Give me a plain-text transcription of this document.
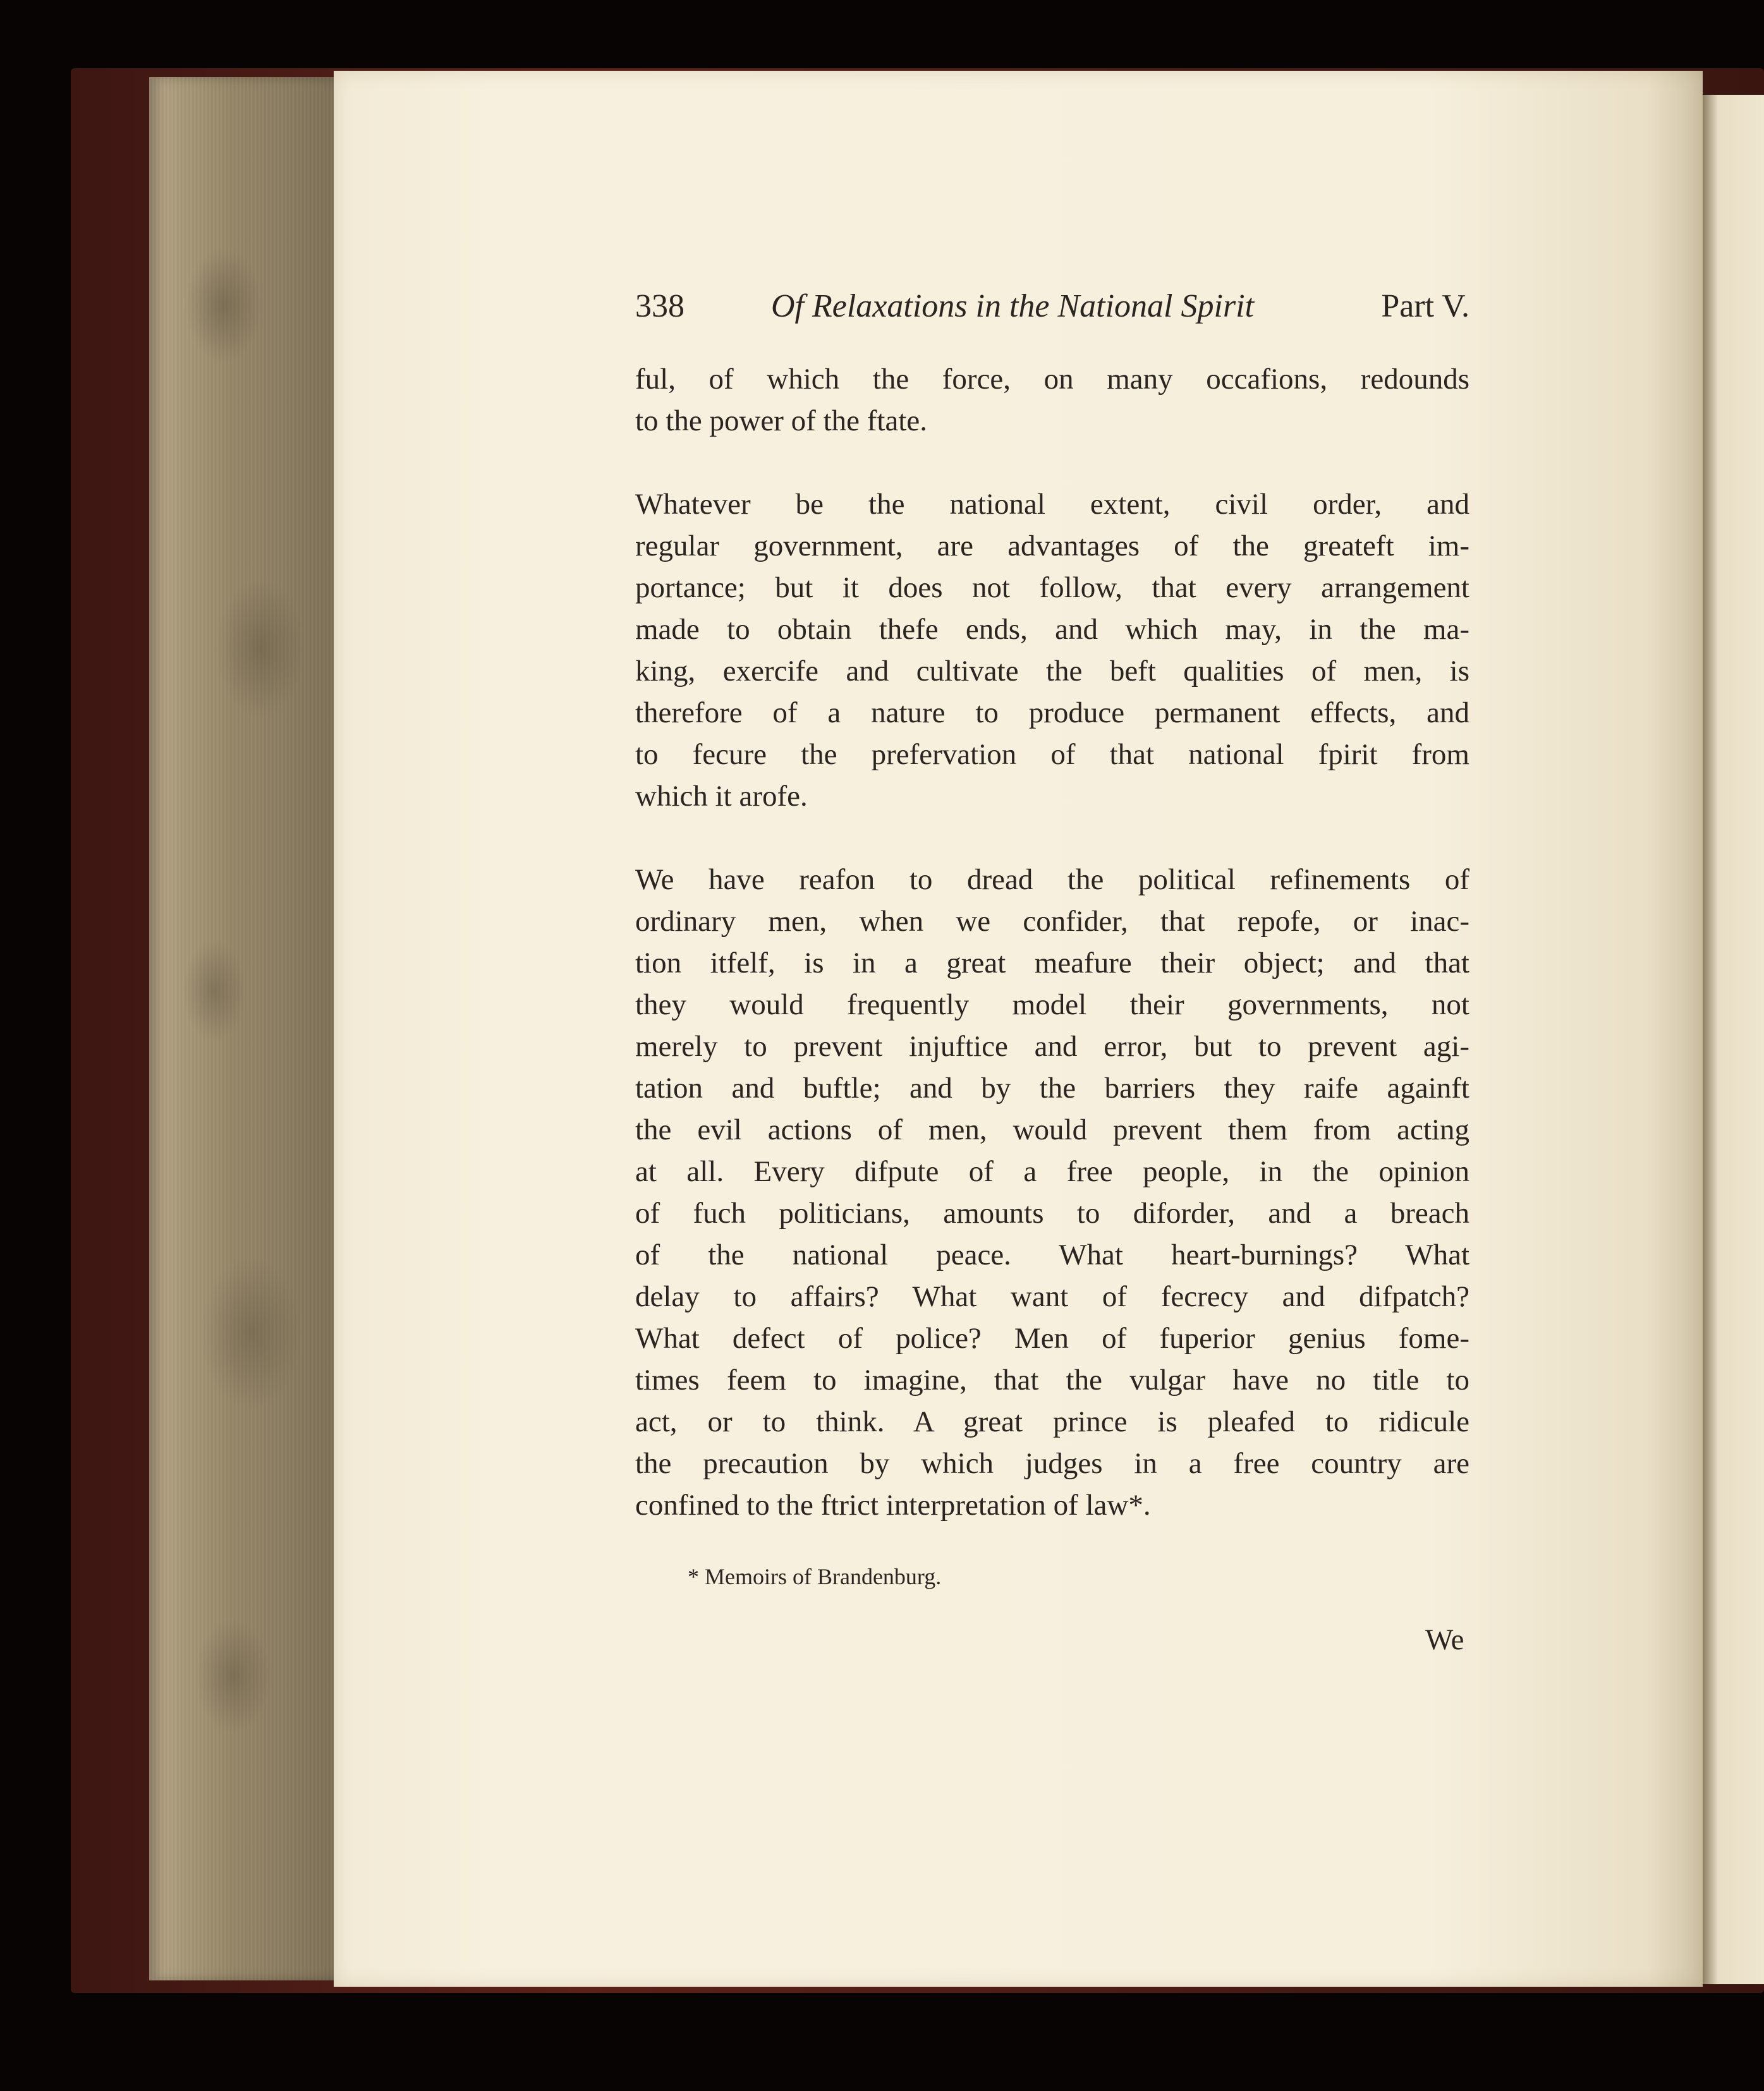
338	Of Relaxations in the National Spirit	Part V.
ful, of which the force, on many occafions, redounds
to the power of the ftate.
Whatever be the national extent, civil order, and
regular government, are advantages of the greateft im-
portance; but it does not follow, that every arrangement
made to obtain thefe ends, and which may, in the ma-
king, exercife and cultivate the beft qualities of men, is
therefore of a nature to produce permanent effects, and
to fecure the prefervation of that national fpirit from
which it arofe.
We have reafon to dread the political refinements of
ordinary men, when we confider, that repofe, or inac-
tion itfelf, is in a great meafure their object; and that
they would frequently model their governments, not
merely to prevent injuftice and error, but to prevent agi-
tation and buftle; and by the barriers they raife againft
the evil actions of men, would prevent them from acting
at all. Every difpute of a free people, in the opinion
of fuch politicians, amounts to diforder, and a breach
of the national peace. What heart-burnings? What
delay to affairs? What want of fecrecy and difpatch?
What defect of police? Men of fuperior genius fome-
times feem to imagine, that the vulgar have no title to
act, or to think. A great prince is pleafed to ridicule
the precaution by which judges in a free country are
confined to the ftrict interpretation of law*.
* Memoirs of Brandenburg.
We
